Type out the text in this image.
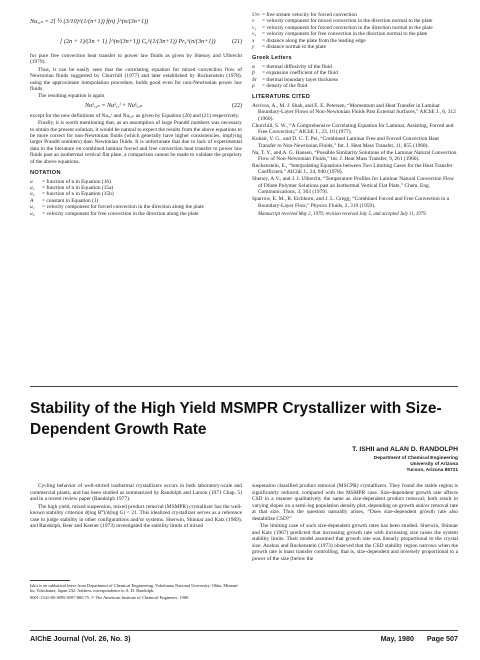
Nuₓ,ₙ = 2[ ½ (3/10)^(1/(n+1)) f(n) ]^(n/(3n+1))
[ (2n + 1)/(3n + 1) ]^(n/(3n+1)) Cᵩ^(1/(3n+1)) Prᵩ^(n/(3n+1))	(21)

for pure free convection heat transfer to power law fluids as given by Shenoy and Ulbrecht (1979).

Thus, it can be easily seen that the correlating equation for mixed convection flow of Newtonian fluids suggested by Churchill (1977) and later established by Ruckenstein (1978), using the approximate interpolation procedure, holds good even for non-Newtonian power law fluids.

The resulting equation is again

Nuᵏₓ,ₙ = Nuᵏₓ,ᶠ + Nuᵏₓ,ₙ	(22)

except for the new definitions of Nuₓ,ᶠ and Nuₓ,ₙ as given by Equation (20) and (21) respectively.

Finally, it is worth mentioning that, as an assumption of large Prandtl numbers was necessary to obtain the present solution, it would be natural to expect the results from the above equations to be more correct for non-Newtonian fluids (which generally have higher consistencies, implying larger Prandtl numbers) then Newtonian fluids. It is unfortunate that due to lack of experimental data in the literature on combined laminar forced and free convection heat transfer to power law fluids past an isothermal vertical flat plate, a comparison cannot be made to validate the propriety of the above equations.

NOTATION
a	= function of n in Equation (16)
a₁	= function of n in Equation (15a)
a₂	= function of n in Equation (15b)
A	= constant in Equation (1)
u₁	= velocity component for forced convection in the direction along the plate
u₂	= velocity component for free convection in the direction along the plate
U∞	= free stream velocity for forced convection
v	= velocity component for mixed convection in the direction normal to the plate
v₁	= velocity component for forced convection in the direction normal to the plate
v₂	= velocity component for free convection in the direction normal to the plate
x	= distance along the plate from the leading edge
y	= distance normal to the plate
Greek Letters
α	= thermal diffusivity of the fluid
β	= expansion coefficient of the fluid
δᴛ	= thermal boundary layer thickness
ρ	= density of the fluid
LITERATURE CITED

Acrivos, A., M. J. Shah, and E. E. Petersen, “Momentum and Heat Transfer in Laminar Boundary-Layer Flows of Non-Newtonian Fluids Past External Surfaces,” AIChE J., 6, 312 (1960).

Churchill, S. W., “A Comprehensive Correlating Equation for Laminar, Assisting, Forced and Free Convection,” AIChE J., 23, 10 (1977).

Kubair, V. G., and D. C. T. Pei, “Combined Laminar Free and Forced Convection Heat Transfer to Non-Newtonian Fluids,” Int. J. Heat Mass Transfer, 11, 855 (1968).

Na, T. Y., and A. G. Hansen, “Possible Similarity Solutions of the Laminar Natural Convection Flow of Non-Newtonian Fluids,” Int. J. Heat Mass Transfer, 9, 261 (1966).

Ruckenstein, E., “Interpolating Equations between Two Limiting Cases for the Heat Transfer Coefficient,” AIChE J., 24, 940 (1978).

Shenoy, A.V., and J. J. Ulbrecht, “Temperature Profiles for Laminar Natural Convection Flow of Dilute Polymer Solutions past an Isothermal Vertical Flat Plate,” Chem. Eng. Communications, 3, 303 (1979).

Sparrow, E. M., R. Eichhorn, and J. L. Gregg, “Combined Forced and Free Convection in a Boundary-Layer Flow,” Physics Fluids, 2, 319 (1959).

Manuscript received May 2, 1979; revision received July 5, and accepted July 11, 1979.

Stability of the High Yield MSMPR Crystallizer with Size-Dependent Growth Rate
T. ISHII and ALAN D. RANDOLPH
Department of Chemical Engineering
University of Arizona
Tucson, Arizona 85721

Cycling behavior of well-stirred isothermal crystallizers occurs in both laboratory-scale and commercial plants, and has been studied as summarized by Randolph and Larson (1971 Chap. 5) and in a recent review paper (Randolph 1977).

The high yield, mixed suspension, mixed product removal (MSMPR) crystallizer has the well-known stability criterion d(log B⁰)/d(log G) < 21. This idealized crystallizer serves as a reference case to judge stability in other configurations and/or systems. Sherwin, Shinnar and Katz (1969), and Randolph, Beer and Keener (1973) investigated the stability limits of mixed

suspension classified product removal (MSCPR) crystallizers. They found the stable region is significantly reduced, compared with the MSMPR case. Size-dependent growth rate affects CSD in a manner qualitatively the same as size-dependent product removal; both result in varying slopes on a semi-log population density plot, depending on growth and/or removal rate at that size. Thus the question naturally arises, “Does size-dependent growth rate also destabilize CSD?”

The limiting case of such size-dependent growth rates has been studied. Sherwin, Shinnar and Katz (1967) predicted that increasing growth rate with increasing size raises the system stability limits. Their model assumed that growth rate was linearly proportional to the crystal size. Anshus and Ruckenstein (1973) observed that the CSD stability region narrows when the growth rate is mass transfer controlling, that is, size-dependent and inversely proportional to a power of the size (below the

Ishii is on sabbatical leave from Department of Chemical Engineering, Yokohama National University, Ohka, Minami-ku, Yokohama, Japan 232. Address correspondence to A. D. Randolph.

0001-1541-80-3895-0507-$00.75. © The American Institute of Chemical Engineers, 1980.

AIChE Journal (Vol. 26, No. 3)	May, 1980 Page 507
